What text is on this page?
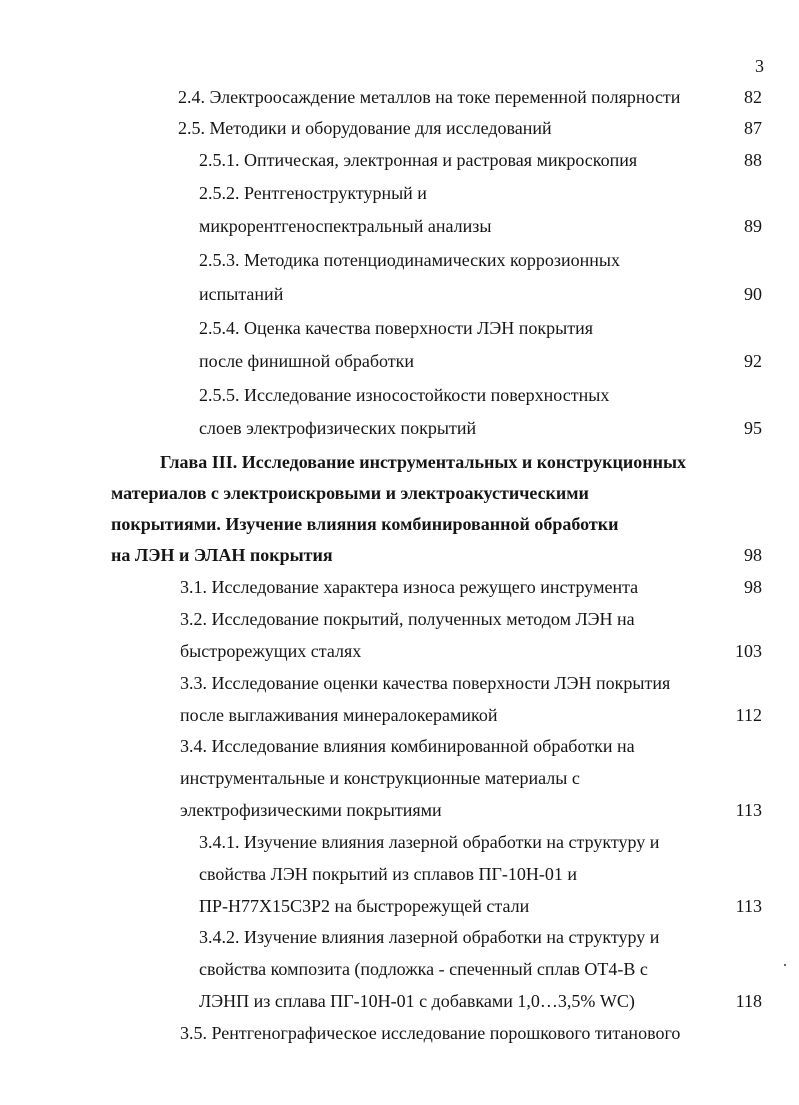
3
2.4. Электроосаждение металлов на токе переменной полярности	82
2.5. Методики и оборудование для исследований	87
2.5.1. Оптическая, электронная и растровая микроскопия	88
2.5.2. Рентгеноструктурный и
микрорентгеноспектральный анализы	89
2.5.3. Методика потенциодинамических коррозионных
испытаний	90
2.5.4. Оценка качества поверхности ЛЭН покрытия
после финишной обработки	92
2.5.5. Исследование износостойкости поверхностных
слоев электрофизических покрытий	95
Глава III. Исследование инструментальных и конструкционных
материалов с электроискровыми и электроакустическими
покрытиями. Изучение влияния комбинированной обработки
на ЛЭН и ЭЛАН покрытия	98
3.1. Исследование характера износа режущего инструмента	98
3.2. Исследование покрытий, полученных методом ЛЭН на
быстрорежущих сталях	103
3.3. Исследование оценки качества поверхности ЛЭН покрытия
после выглаживания минералокерамикой	112
3.4. Исследование влияния комбинированной обработки на
инструментальные и конструкционные материалы с
электрофизическими покрытиями	113
3.4.1. Изучение влияния лазерной обработки на структуру и
свойства ЛЭН покрытий из сплавов ПГ-10Н-01 и
ПР-Н77Х15С3Р2 на быстрорежущей стали	113
3.4.2. Изучение влияния лазерной обработки на структуру и
свойства композита (подложка - спеченный сплав ОТ4-В с
ЛЭНП из сплава ПГ-10Н-01 с добавками 1,0…3,5% WC)	118
3.5. Рентгенографическое исследование порошкового титанового
